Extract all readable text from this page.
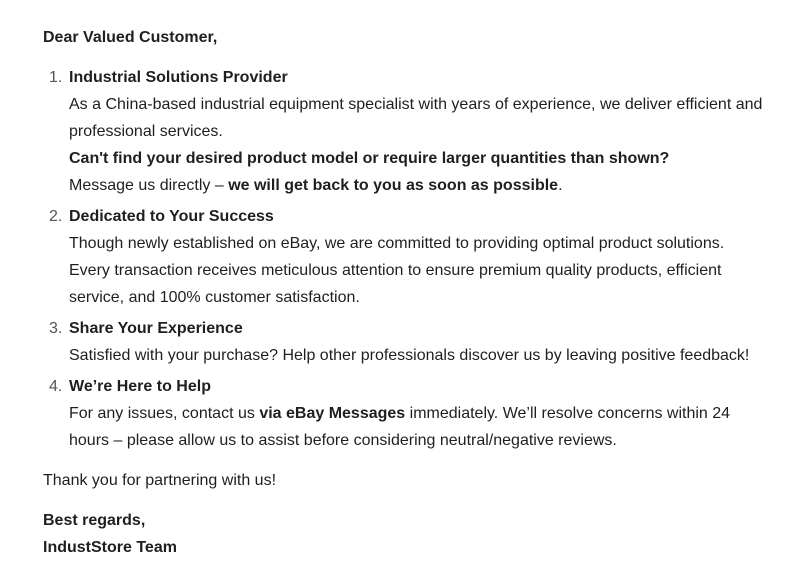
Dear Valued Customer,

1. Industrial Solutions Provider
As a China-based industrial equipment specialist with years of experience, we deliver efficient and professional services.
Can't find your desired product model or require larger quantities than shown?
Message us directly – we will get back to you as soon as possible.
2. Dedicated to Your Success
Though newly established on eBay, we are committed to providing optimal product solutions. Every transaction receives meticulous attention to ensure premium quality products, efficient service, and 100% customer satisfaction.
3. Share Your Experience
Satisfied with your purchase? Help other professionals discover us by leaving positive feedback!
4. We’re Here to Help
For any issues, contact us via eBay Messages immediately. We’ll resolve concerns within 24 hours – please allow us to assist before considering neutral/negative reviews.

Thank you for partnering with us!

Best regards,
IndustStore Team
